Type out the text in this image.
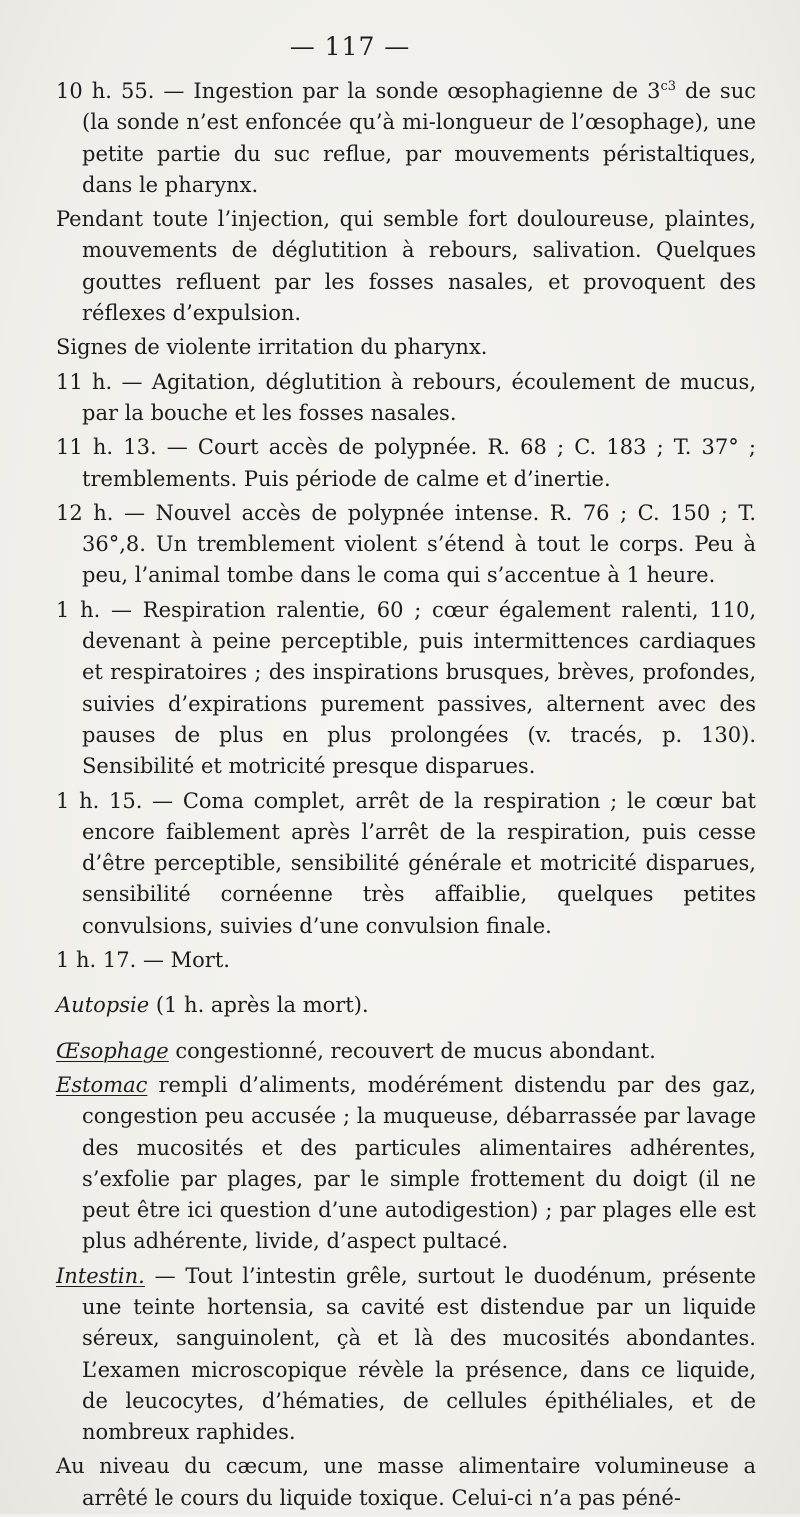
— 117 —

10 h. 55. — Ingestion par la sonde œsophagienne de $3^{c3}$ de suc (la sonde n’est enfoncée qu’à mi-longueur de l’œsophage), une petite partie du suc reflue, par mouvements péristaltiques, dans le pharynx.

Pendant toute l’injection, qui semble fort douloureuse, plaintes, mouvements de déglutition à rebours, salivation. Quelques gouttes refluent par les fosses nasales, et provoquent des réflexes d’expulsion.

Signes de violente irritation du pharynx.

11 h. — Agitation, déglutition à rebours, écoulement de mucus, par la bouche et les fosses nasales.

11 h. 13. — Court accès de polypnée. R. 68 ; C. 183 ; T. 37° ; tremblements. Puis période de calme et d’inertie.

12 h. — Nouvel accès de polypnée intense. R. 76 ; C. 150 ; T. 36°,8. Un tremblement violent s’étend à tout le corps. Peu à peu, l’animal tombe dans le coma qui s’accentue à 1 heure.

1 h. — Respiration ralentie, 60 ; cœur également ralenti, 110, devenant à peine perceptible, puis intermittences cardiaques et respiratoires ; des inspirations brusques, brèves, profondes, suivies d’expirations purement passives, alternent avec des pauses de plus en plus prolongées (v. tracés, p. 130). Sensibilité et motricité presque disparues.

1 h. 15. — Coma complet, arrêt de la respiration ; le cœur bat encore faiblement après l’arrêt de la respiration, puis cesse d’être perceptible, sensibilité générale et motricité disparues, sensibilité cornéenne très affaiblie, quelques petites convulsions, suivies d’une convulsion finale.

1 h. 17. — Mort.

Autopsie (1 h. après la mort).

Œsophage congestionné, recouvert de mucus abondant.

Estomac rempli d’aliments, modérément distendu par des gaz, congestion peu accusée ; la muqueuse, débarrassée par lavage des mucosités et des particules alimentaires adhérentes, s’exfolie par plages, par le simple frottement du doigt (il ne peut être ici question d’une autodigestion) ; par plages elle est plus adhérente, livide, d’aspect pultacé.

Intestin. — Tout l’intestin grêle, surtout le duodénum, présente une teinte hortensia, sa cavité est distendue par un liquide séreux, sanguinolent, çà et là des mucosités abondantes. L’examen microscopique révèle la présence, dans ce liquide, de leucocytes, d’hématies, de cellules épithéliales, et de nombreux raphides.

Au niveau du cæcum, une masse alimentaire volumineuse a arrêté le cours du liquide toxique. Celui-ci n’a pas péné-
